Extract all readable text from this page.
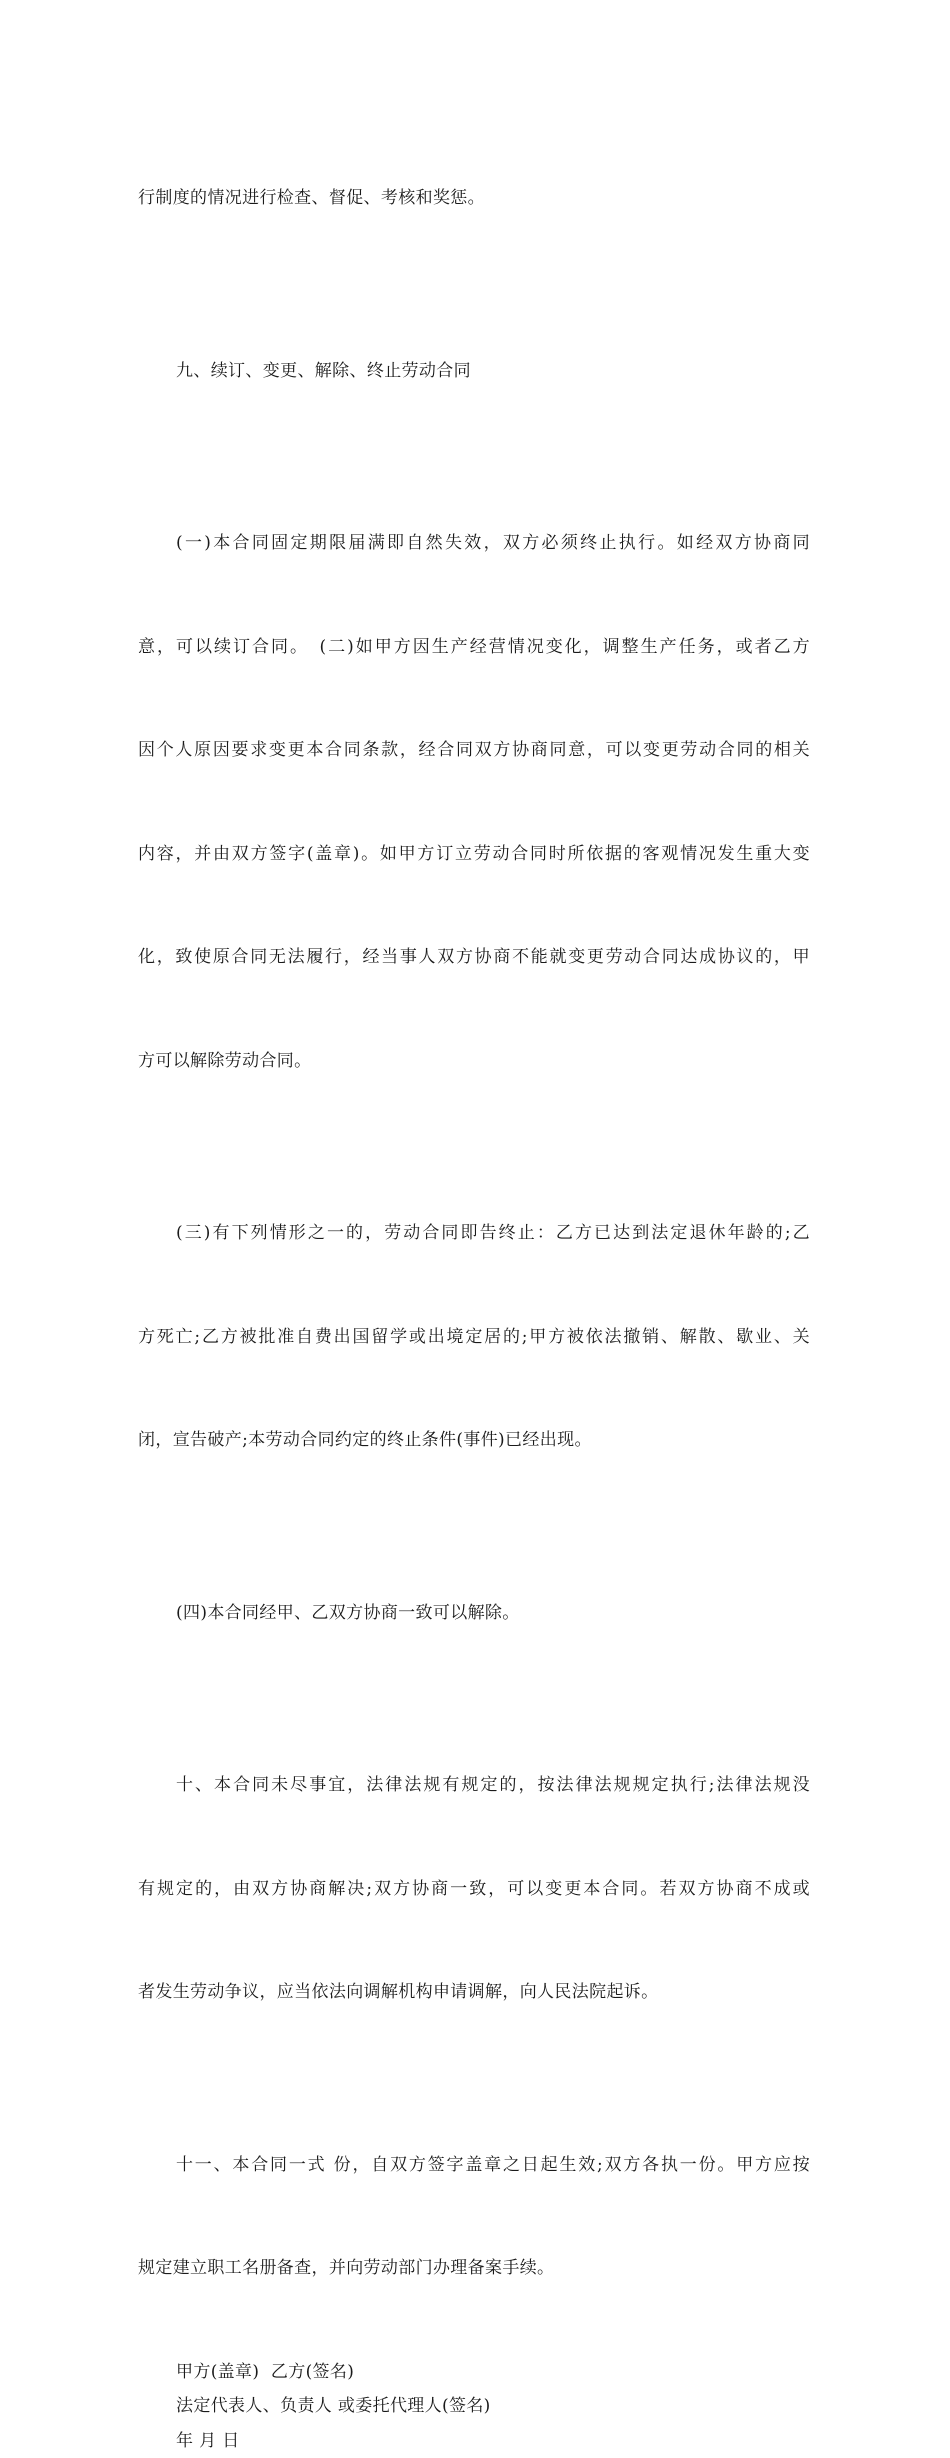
行制度的情况进行检查、督促、考核和奖惩。

九、续订、变更、解除、终止劳动合同

(一)本合同固定期限届满即自然失效，双方必须终止执行。如经双方协商同

意，可以续订合同。　(二)如甲方因生产经营情况变化，调整生产任务，或者乙方

因个人原因要求变更本合同条款，经合同双方协商同意，可以变更劳动合同的相关

内容，并由双方签字(盖章)。如甲方订立劳动合同时所依据的客观情况发生重大变

化，致使原合同无法履行，经当事人双方协商不能就变更劳动合同达成协议的，甲

方可以解除劳动合同。

(三)有下列情形之一的，劳动合同即告终止：乙方已达到法定退休年龄的;乙

方死亡;乙方被批准自费出国留学或出境定居的;甲方被依法撤销、解散、歇业、关

闭，宣告破产;本劳动合同约定的终止条件(事件)已经出现。

(四)本合同经甲、乙双方协商一致可以解除。

十、本合同未尽事宜，法律法规有规定的，按法律法规规定执行;法律法规没

有规定的，由双方协商解决;双方协商一致，可以变更本合同。若双方协商不成或

者发生劳动争议，应当依法向调解机构申请调解，向人民法院起诉。

十一、本合同一式 份，自双方签字盖章之日起生效;双方各执一份。甲方应按

规定建立职工名册备查，并向劳动部门办理备案手续。

甲方(盖章)  乙方(签名)

法定代表人、负责人 或委托代理人(签名)

年 月 日
